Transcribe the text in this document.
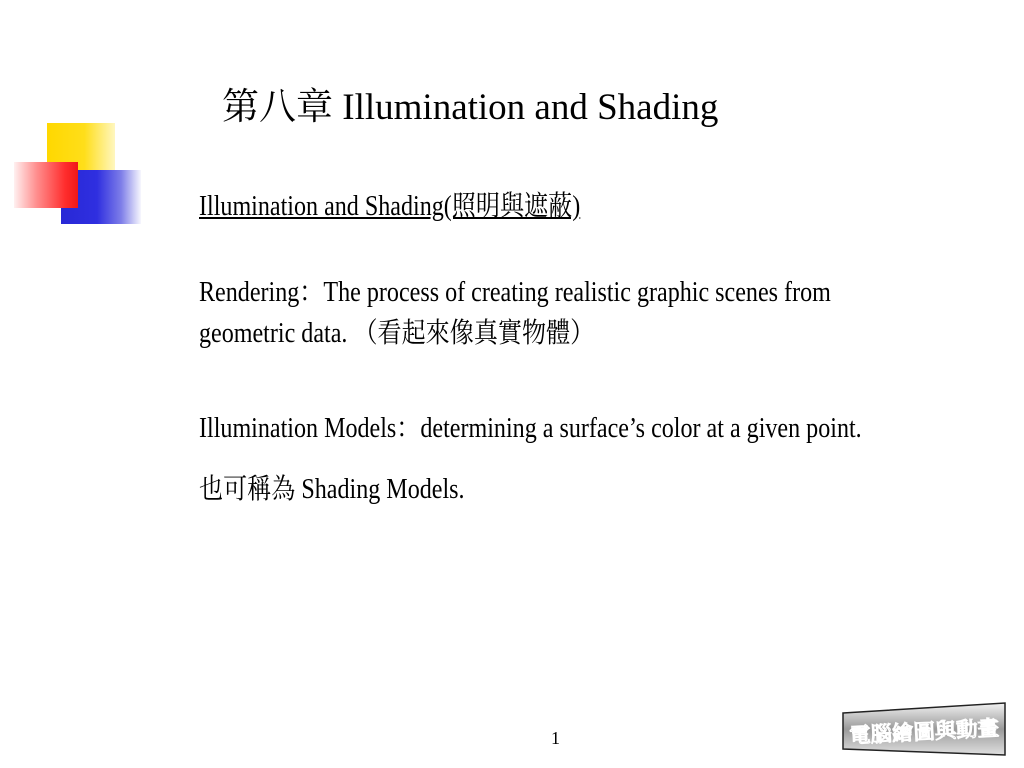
第八章 Illumination and Shading

Illumination and Shading(照明與遮蔽)

Rendering：The process of creating realistic graphic scenes from geometric data. （看起來像真實物體）

Illumination Models：determining a surface’s color at a given point.

也可稱為 Shading Models.

1	電腦繪圖與動畫
